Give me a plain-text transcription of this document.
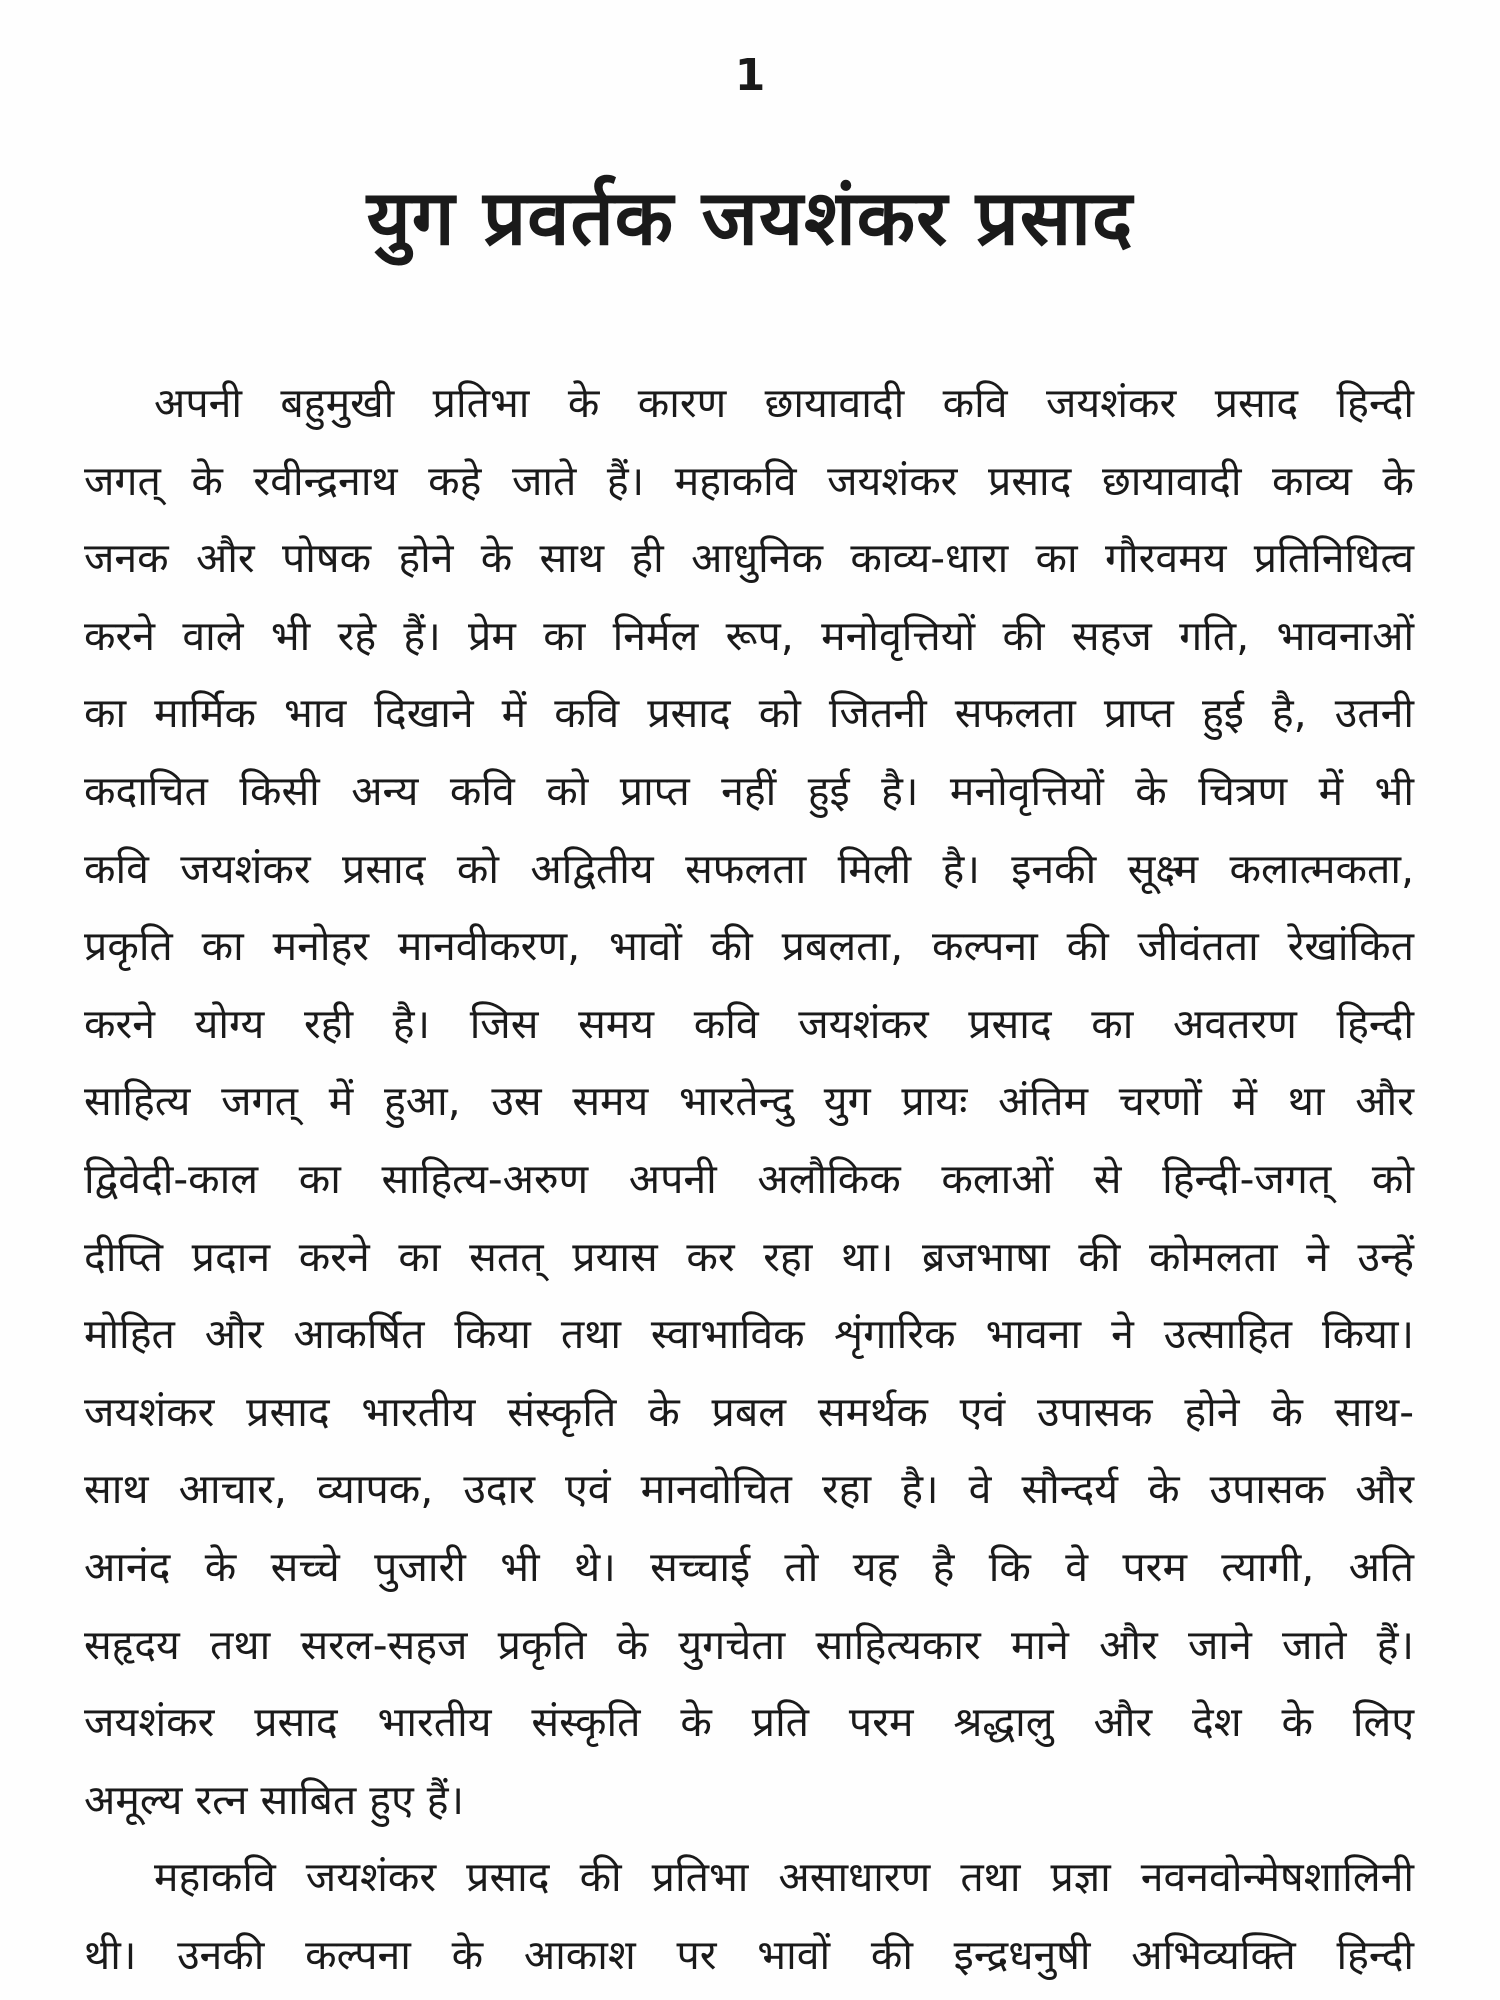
1
युग प्रवर्तक जयशंकर प्रसाद
अपनी बहुमुखी प्रतिभा के कारण छायावादी कवि जयशंकर प्रसाद हिन्दी
जगत् के रवीन्द्रनाथ कहे जाते हैं। महाकवि जयशंकर प्रसाद छायावादी काव्य के
जनक और पोषक होने के साथ ही आधुनिक काव्य-धारा का गौरवमय प्रतिनिधित्व
करने वाले भी रहे हैं। प्रेम का निर्मल रूप, मनोवृत्तियों की सहज गति, भावनाओं
का मार्मिक भाव दिखाने में कवि प्रसाद को जितनी सफलता प्राप्त हुई है, उतनी
कदाचित किसी अन्य कवि को प्राप्त नहीं हुई है। मनोवृत्तियों के चित्रण में भी
कवि जयशंकर प्रसाद को अद्वितीय सफलता मिली है। इनकी सूक्ष्म कलात्मकता,
प्रकृति का मनोहर मानवीकरण, भावों की प्रबलता, कल्पना की जीवंतता रेखांकित
करने योग्य रही है। जिस समय कवि जयशंकर प्रसाद का अवतरण हिन्दी
साहित्य जगत् में हुआ, उस समय भारतेन्दु युग प्रायः अंतिम चरणों में था और
द्विवेदी-काल का साहित्य-अरुण अपनी अलौकिक कलाओं से हिन्दी-जगत् को
दीप्ति प्रदान करने का सतत् प्रयास कर रहा था। ब्रजभाषा की कोमलता ने उन्हें
मोहित और आकर्षित किया तथा स्वाभाविक शृंगारिक भावना ने उत्साहित किया।
जयशंकर प्रसाद भारतीय संस्कृति के प्रबल समर्थक एवं उपासक होने के साथ-
साथ आचार, व्यापक, उदार एवं मानवोचित रहा है। वे सौन्दर्य के उपासक और
आनंद के सच्चे पुजारी भी थे। सच्चाई तो यह है कि वे परम त्यागी, अति
सहृदय तथा सरल-सहज प्रकृति के युगचेता साहित्यकार माने और जाने जाते हैं।
जयशंकर प्रसाद भारतीय संस्कृति के प्रति परम श्रद्धालु और देश के लिए
अमूल्य रत्न साबित हुए हैं।
महाकवि जयशंकर प्रसाद की प्रतिभा असाधारण तथा प्रज्ञा नवनवोन्मेषशालिनी
थी। उनकी कल्पना के आकाश पर भावों की इन्द्रधनुषी अभिव्यक्ति हिन्दी
